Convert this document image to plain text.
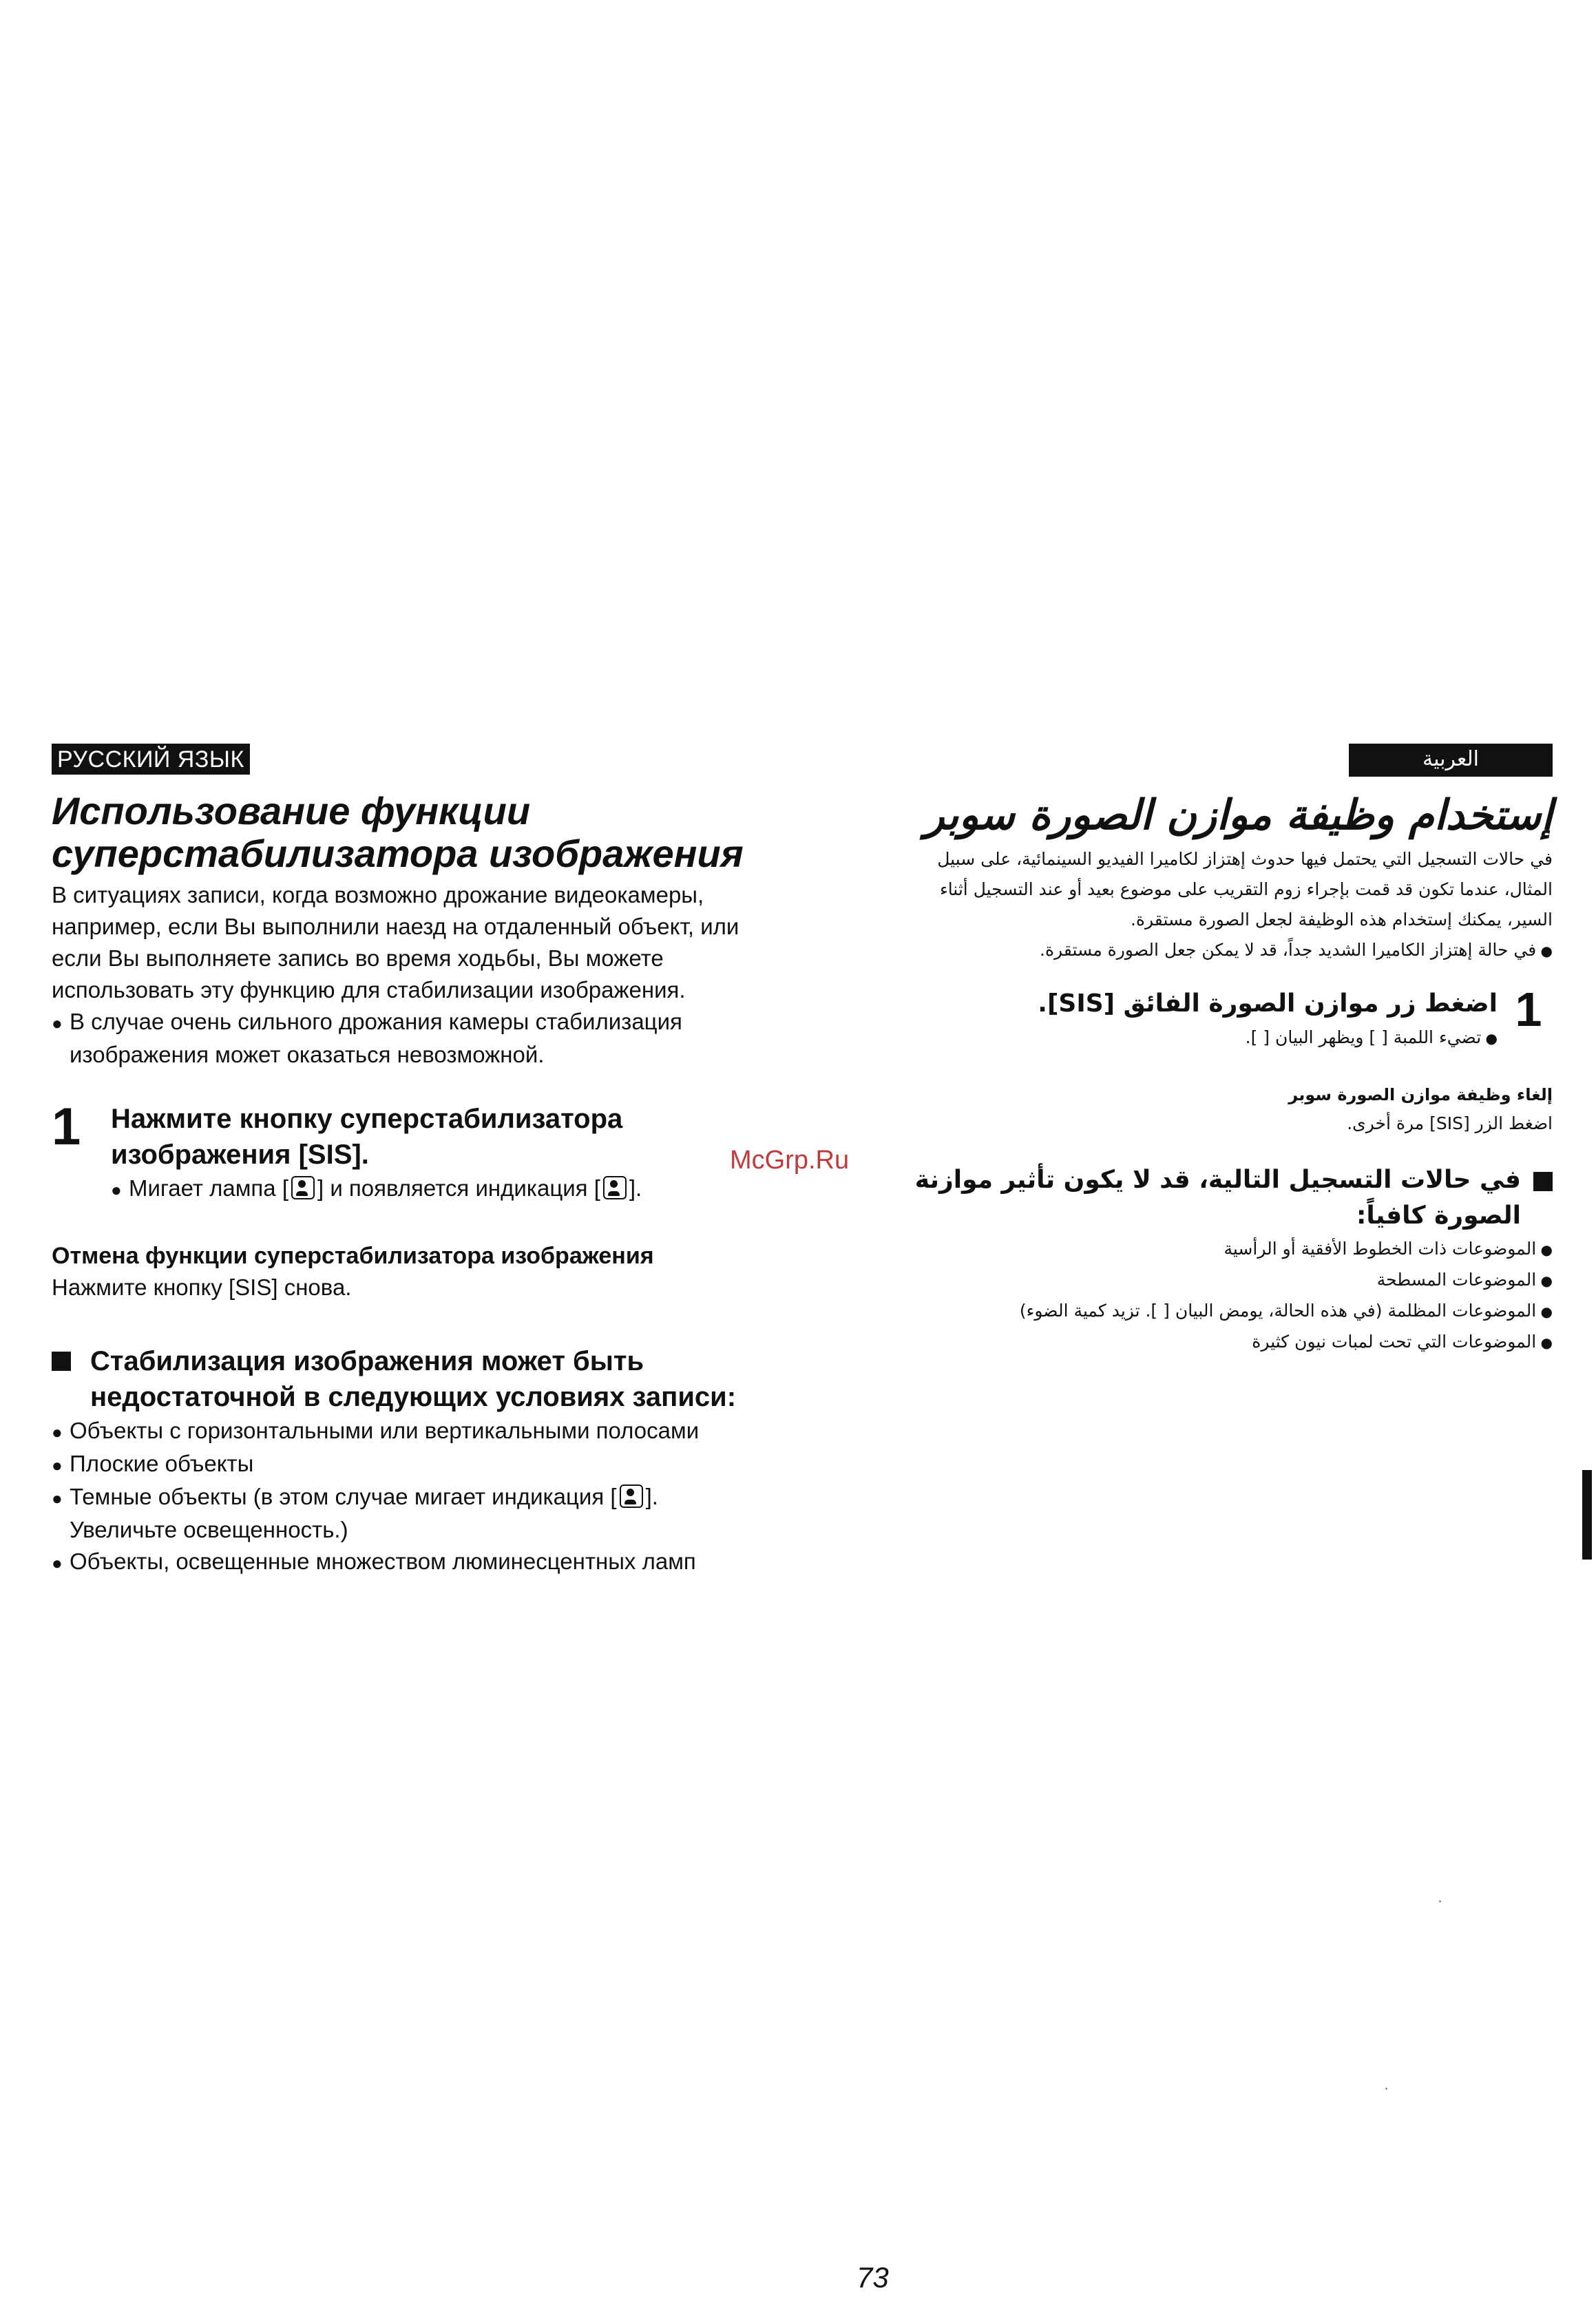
РУССКИЙ ЯЗЫК
Использование функции
суперстабилизатора изображения

В ситуациях записи, когда возможно дрожание видеокамеры,

например, если Вы выполнили наезд на отдаленный объект, или

если Вы выполняете запись во время ходьбы, Вы можете

использовать эту функцию для стабилизации изображения.

● В случае очень сильного дрожания камеры стабилизация
изображения может оказаться невозможной.

1	Нажмите кнопку суперстабилизатора
изображения [SIS].

● Мигает лампа [ ] и появляется индикация [ ].

Отмена функции суперстабилизатора изображения

Нажмите кнопку [SIS] снова.

Стабилизация изображения может быть
недостаточной в следующих условиях записи:

● Объекты с горизонтальными или вертикальными полосами

● Плоские объекты

● Темные объекты (в этом случае мигает индикация [ ].
Увеличьте освещенность.)

● Объекты, освещенные множеством люминесцентных ламп

العربية
إستخدام وظيفة موازن الصورة سوبر

في حالات التسجيل التي يحتمل فيها حدوث إهتزاز لكاميرا الفيديو السينمائية، على سبيل

المثال، عندما تكون قد قمت بإجراء زوم التقريب على موضوع بعيد أو عند التسجيل أثناء

السير، يمكنك إستخدام هذه الوظيفة لجعل الصورة مستقرة.

● في حالة إهتزاز الكاميرا الشديد جداً، قد لا يمكن جعل الصورة مستقرة.

1

اضغط زر موازن الصورة الفائق [SIS].

● تضيء اللمبة [ ] ويظهر البيان [ ].

إلغاء وظيفة موازن الصورة سوبر

اضغط الزر [SIS] مرة أخرى.

في حالات التسجيل التالية، قد لا يكون تأثير موازنة
الصورة كافياً:

● الموضوعات ذات الخطوط الأفقية أو الرأسية

● الموضوعات المسطحة

● الموضوعات المظلمة (في هذه الحالة، يومض البيان [ ]. تزيد كمية الضوء)

● الموضوعات التي تحت لمبات نيون كثيرة

McGrp.Ru
73
